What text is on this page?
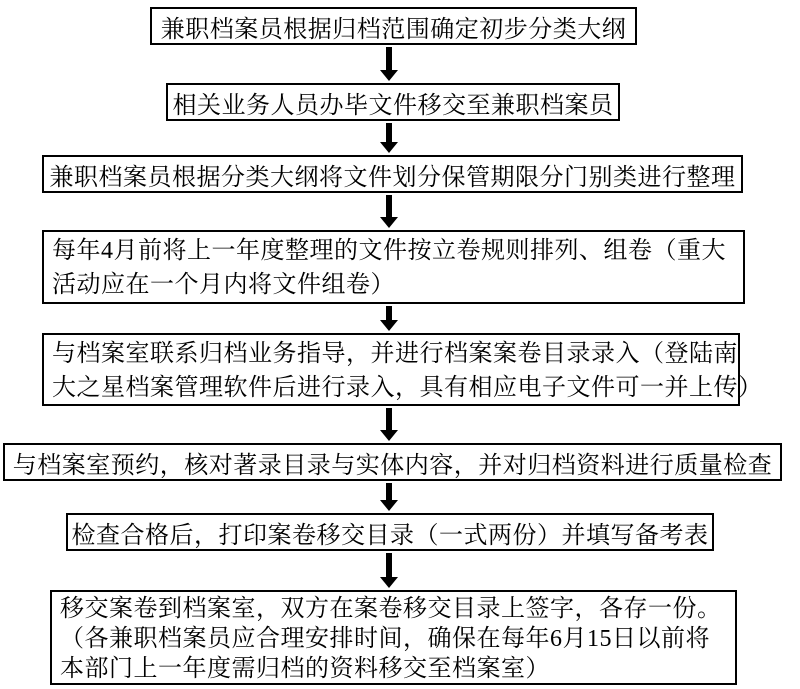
兼职档案员根据归档范围确定初步分类大纲
相关业务人员办毕文件移交至兼职档案员
兼职档案员根据分类大纲将文件划分保管期限分门别类进行整理
每年4月前将上一年度整理的文件按立卷规则排列、组卷（重大
活动应在一个月内将文件组卷）
与档案室联系归档业务指导，并进行档案案卷目录录入（登陆南
大之星档案管理软件后进行录入，具有相应电子文件可一并上传）
与档案室预约，核对著录目录与实体内容，并对归档资料进行质量检查
检查合格后，打印案卷移交目录（一式两份）并填写备考表
移交案卷到档案室，双方在案卷移交目录上签字，各存一份。
（各兼职档案员应合理安排时间，确保在每年6月15日以前将
本部门上一年度需归档的资料移交至档案室）
